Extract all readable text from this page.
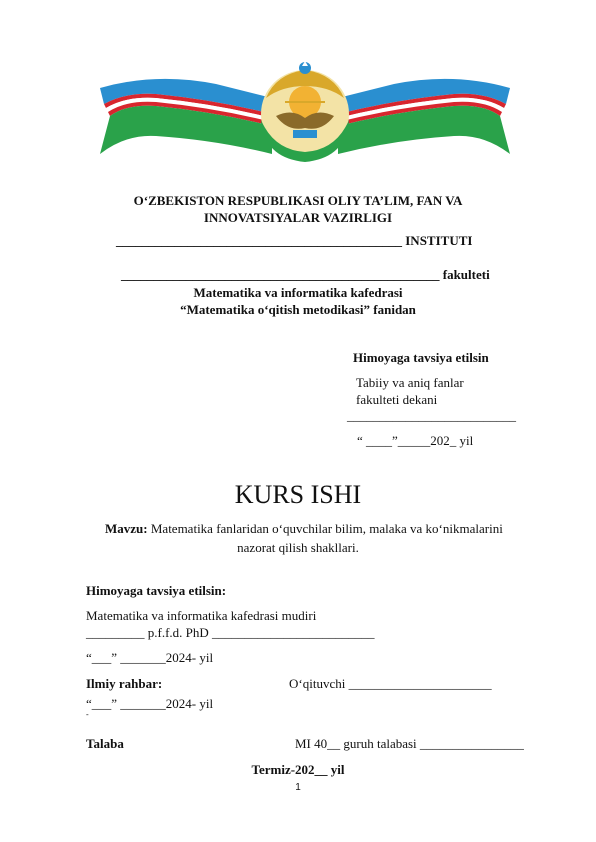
O‘ZBEKISTON RESPUBLIKASI OLIY TA’LIM, FAN VA
INNOVATSIYALAR VAZIRLIGI
____________________________________________ INSTITUTI
_________________________________________________ fakulteti
Matematika va informatika kafedrasi
“Matematika o‘qitish metodikasi” fanidan
Himoyaga tavsiya etilsin
Tabiiy va aniq fanlar
fakulteti dekani
__________________________
“ ____”_____202_ yil
KURS ISHI
Mavzu: Matematika fanlaridan o‘quvchilar bilim, malaka va ko‘nikmalarini
nazorat qilish shakllari.
Himoyaga tavsiya etilsin:
Matematika va informatika kafedrasi mudiri
_________ p.f.f.d. PhD _________________________
“___” _______2024- yil
Ilmiy rahbar:	O‘qituvchi ______________________
“___” _______2024- yil
-
Talaba	MI 40__ guruh talabasi ________________
Termiz-202__ yil
1
